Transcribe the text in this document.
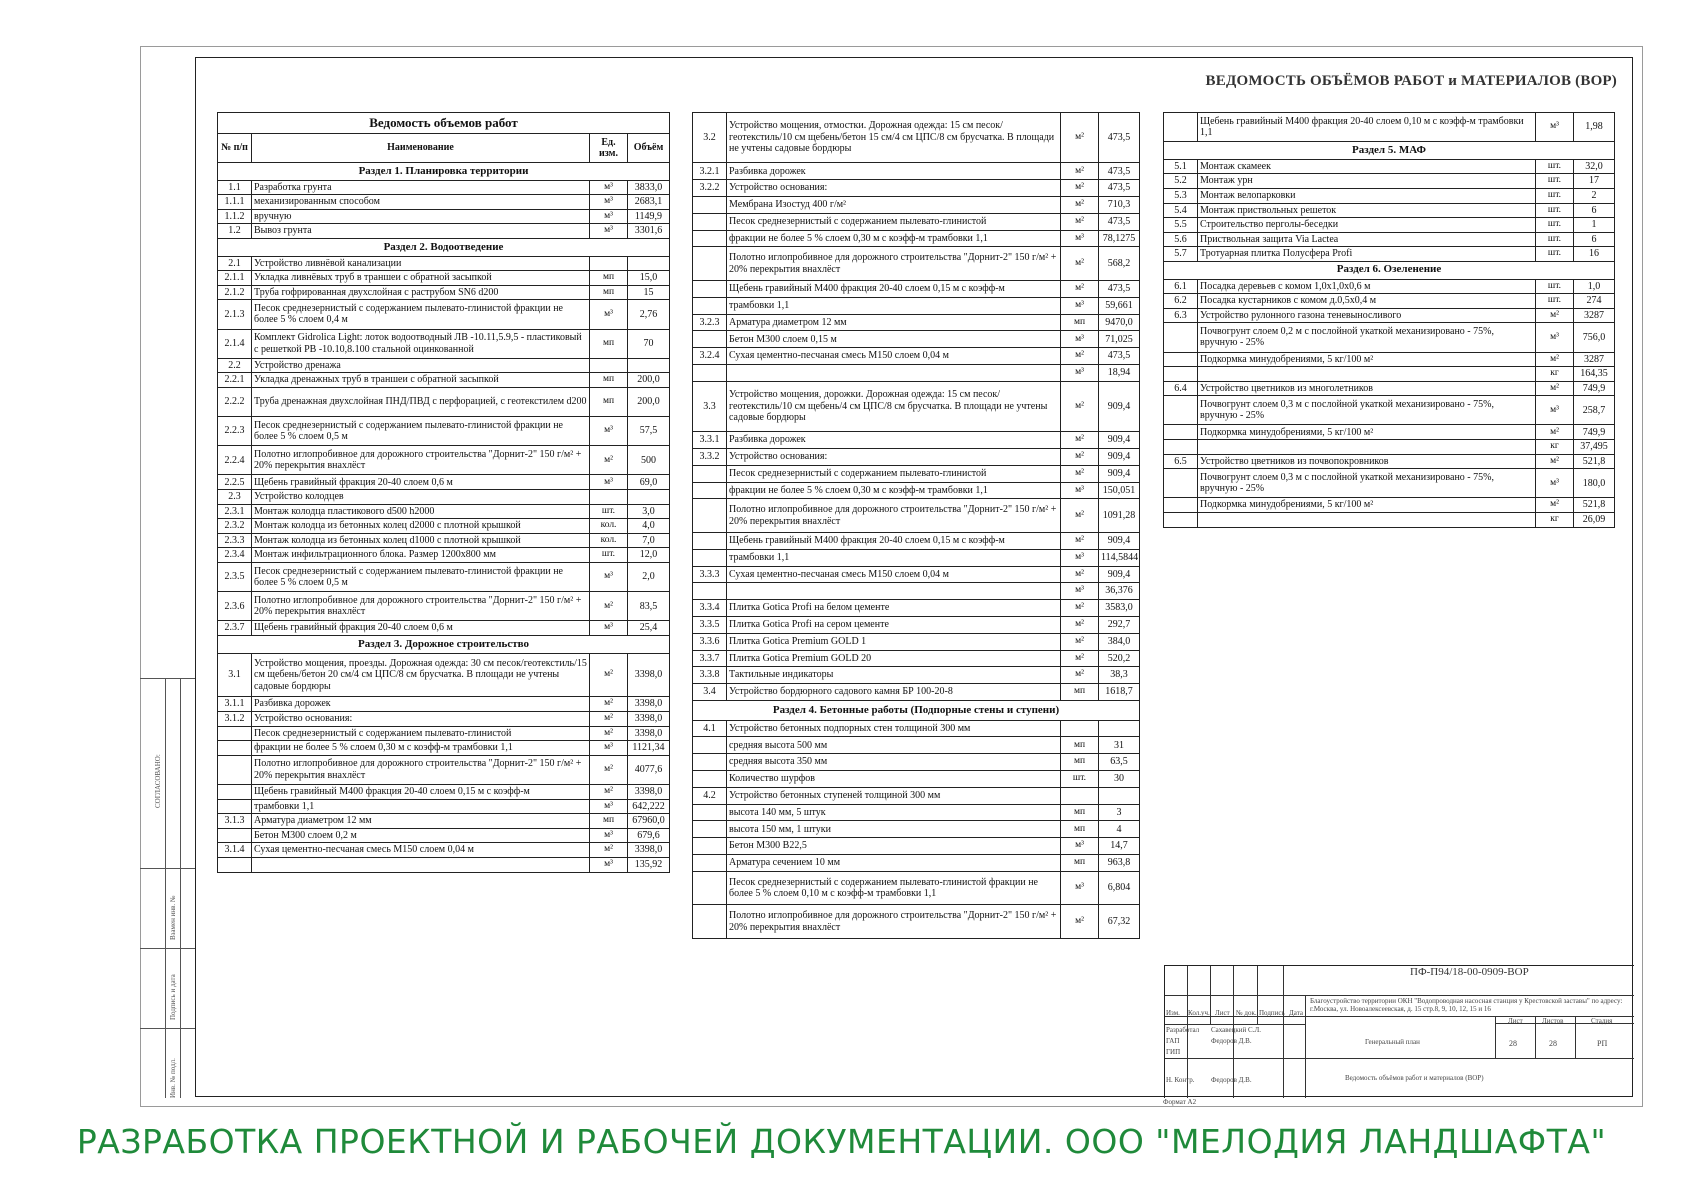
ВЕДОМОСТЬ ОБЪЁМОВ РАБОТ и МАТЕРИАЛОВ (ВОР)
Ведомость объемов работ			
№ п/п	Наименование	Ед. изм.	Объём
Раздел 1. Планировка территории			
1.1	Разработка грунта	м³	3833,0
1.1.1	механизированным способом	м³	2683,1
1.1.2	вручную	м³	1149,9
1.2	Вывоз грунта	м³	3301,6
Раздел 2. Водоотведение			
2.1	Устройство ливнёвой канализации		
2.1.1	Укладка ливнёвых труб в траншеи с обратной засыпкой	мп	15,0
2.1.2	Труба гофрированная двухслойная с раструбом SN6 d200	мп	15
2.1.3	Песок среднезернистый с содержанием пылевато-глинистой фракции не более 5 % слоем 0,4 м	м³	2,76
2.1.4	Комплект Gidrolica Light: лоток водоотводный ЛВ -10.11,5.9,5 - пластиковый с решеткой РВ -10.10,8.100 стальной оцинкованной	мп	70
2.2	Устройство дренажа		
2.2.1	Укладка дренажных труб в траншеи с обратной засыпкой	мп	200,0
2.2.2	Труба дренажная двухслойная ПНД/ПВД с перфорацией, с геотекстилем d200	мп	200,0
2.2.3	Песок среднезернистый с содержанием пылевато-глинистой фракции не более 5 % слоем 0,5 м	м³	57,5
2.2.4	Полотно иглопробивное для дорожного строительства "Дорнит-2" 150 г/м² + 20% перекрытия внахлёст	м²	500
2.2.5	Щебень гравийный фракция 20-40 слоем 0,6 м	м³	69,0
2.3	Устройство колодцев		
2.3.1	Монтаж колодца пластикового d500 h2000	шт.	3,0
2.3.2	Монтаж колодца из бетонных колец d2000 с плотной крышкой	кол.	4,0
2.3.3	Монтаж колодца из бетонных колец d1000 с плотной крышкой	кол.	7,0
2.3.4	Монтаж инфильтрационного блока. Размер 1200х800 мм	шт.	12,0
2.3.5	Песок среднезернистый с содержанием пылевато-глинистой фракции не более 5 % слоем 0,5 м	м³	2,0
2.3.6	Полотно иглопробивное для дорожного строительства "Дорнит-2" 150 г/м² + 20% перекрытия внахлёст	м²	83,5
2.3.7	Щебень гравийный фракция 20-40 слоем 0,6 м	м³	25,4
Раздел 3. Дорожное строительство			
3.1	Устройство мощения, проезды. Дорожная одежда: 30 см песок/геотекстиль/15 см щебень/бетон 20 см/4 см ЦПС/8 см брусчатка. В площади не учтены садовые бордюры	м²	3398,0
3.1.1	Разбивка дорожек	м²	3398,0
3.1.2	Устройство основания:	м²	3398,0
	Песок среднезернистый с содержанием пылевато-глинистой	м²	3398,0
	фракции не более 5 % слоем 0,30 м с коэфф-м трамбовки 1,1	м³	1121,34
	Полотно иглопробивное для дорожного строительства "Дорнит-2" 150 г/м² + 20% перекрытия внахлёст	м²	4077,6
	Щебень гравийный М400 фракция 20-40 слоем 0,15 м с коэфф-м	м²	3398,0
	трамбовки 1,1	м³	642,222
3.1.3	Арматура диаметром 12 мм	мп	67960,0
	Бетон М300 слоем 0,2 м	м³	679,6
3.1.4	Сухая цементно-песчаная смесь М150 слоем 0,04 м	м²	3398,0
		м³	135,92
3.2	Устройство мощения, отмостки. Дорожная одежда: 15 см песок/геотекстиль/10 см щебень/бетон 15 см/4 см ЦПС/8 см брусчатка. В площади не учтены садовые бордюры	м²	473,5
3.2.1	Разбивка дорожек	м²	473,5
3.2.2	Устройство основания:	м²	473,5
	Мембрана Изостуд 400 г/м²	м²	710,3
	Песок среднезернистый с содержанием пылевато-глинистой	м²	473,5
	фракции не более 5 % слоем 0,30 м с коэфф-м трамбовки 1,1	м³	78,1275
	Полотно иглопробивное для дорожного строительства "Дорнит-2" 150 г/м² + 20% перекрытия внахлёст	м²	568,2
	Щебень гравийный М400 фракция 20-40 слоем 0,15 м с коэфф-м	м²	473,5
	трамбовки 1,1	м³	59,661
3.2.3	Арматура диаметром 12 мм	мп	9470,0
	Бетон М300 слоем 0,15 м	м³	71,025
3.2.4	Сухая цементно-песчаная смесь М150 слоем 0,04 м	м²	473,5
		м³	18,94
3.3	Устройство мощения, дорожки. Дорожная одежда: 15 см песок/геотекстиль/10 см щебень/4 см ЦПС/8 см брусчатка. В площади не учтены садовые бордюры	м²	909,4
3.3.1	Разбивка дорожек	м²	909,4
3.3.2	Устройство основания:	м²	909,4
	Песок среднезернистый с содержанием пылевато-глинистой	м²	909,4
	фракции не более 5 % слоем 0,30 м с коэфф-м трамбовки 1,1	м³	150,051
	Полотно иглопробивное для дорожного строительства "Дорнит-2" 150 г/м² + 20% перекрытия внахлёст	м²	1091,28
	Щебень гравийный М400 фракция 20-40 слоем 0,15 м с коэфф-м	м²	909,4
	трамбовки 1,1	м³	114,5844
3.3.3	Сухая цементно-песчаная смесь М150 слоем 0,04 м	м²	909,4
		м³	36,376
3.3.4	Плитка Gotica Profi на белом цементе	м²	3583,0
3.3.5	Плитка Gotica Profi на сером цементе	м²	292,7
3.3.6	Плитка Gotica Premium GOLD 1	м²	384,0
3.3.7	Плитка Gotica Premium GOLD 20	м²	520,2
3.3.8	Тактильные индикаторы	м²	38,3
3.4	Устройство бордюрного садового камня БР 100-20-8	мп	1618,7
Раздел 4. Бетонные работы (Подпорные стены и ступени)			
4.1	Устройство бетонных подпорных стен толщиной 300 мм		
	средняя высота 500 мм	мп	31
	средняя высота 350 мм	мп	63,5
	Количество шурфов	шт.	30
4.2	Устройство бетонных ступеней толщиной 300 мм		
	высота 140 мм, 5 штук	мп	3
	высота 150 мм, 1 штуки	мп	4
	Бетон М300 В22,5	м³	14,7
	Арматура сечением 10 мм	мп	963,8
	Песок среднезернистый с содержанием пылевато-глинистой фракции не более 5 % слоем 0,10 м с коэфф-м трамбовки 1,1	м³	6,804
	Полотно иглопробивное для дорожного строительства "Дорнит-2" 150 г/м² + 20% перекрытия внахлёст	м²	67,32
	Щебень гравийный М400 фракция 20-40 слоем 0,10 м с коэфф-м трамбовки 1,1	м³	1,98
Раздел 5. МАФ			
5.1	Монтаж скамеек	шт.	32,0
5.2	Монтаж урн	шт.	17
5.3	Монтаж велопарковки	шт.	2
5.4	Монтаж приствольных решеток	шт.	6
5.5	Строительство перголы-беседки	шт.	1
5.6	Приствольная защита Via Lactea	шт.	6
5.7	Тротуарная плитка Полусфера Profi	шт.	16
Раздел 6. Озеленение			
6.1	Посадка деревьев с комом 1,0х1,0х0,6 м	шт.	1,0
6.2	Посадка кустарников с комом д.0,5х0,4 м	шт.	274
6.3	Устройство рулонного газона теневыносливого	м²	3287
	Почвогрунт слоем 0,2 м с послойной укаткой механизировано - 75%, вручную - 25%	м³	756,0
	Подкормка минудобрениями, 5 кг/100 м²	м²	3287
		кг	164,35
6.4	Устройство цветников из многолетников	м²	749,9
	Почвогрунт слоем 0,3 м с послойной укаткой механизировано - 75%, вручную - 25%	м³	258,7
	Подкормка минудобрениями, 5 кг/100 м²	м²	749,9
		кг	37,495
6.5	Устройство цветников из почвопокровников	м²	521,8
	Почвогрунт слоем 0,3 м с послойной укаткой механизировано - 75%, вручную - 25%	м³	180,0
	Подкормка минудобрениями, 5 кг/100 м²	м²	521,8
		кг	26,09
СОГЛАСОВАНО:
Взамен инв. №
Подпись и дата
Инв. № подл.
ПФ-П94/18-00-0909-ВОР
Изм. Кол.уч. Лист № док. Подпись Дата
Благоустройство территории ОКН "Водопроводная насосная станция у Крестовской заставы" по адресу: г.Москва, ул. Новоалексеевская, д. 15 стр.8, 9, 10, 12, 15 и 16
Разработал
ГАП
ГИП
Н. Контр.
Сахавецкий С.Л.
Федоров Д.В.
Федоров Д.В.
Генеральный план
Лист	Листов	Стадия
28	28	РП
Ведомость объёмов работ и материалов (ВОР)
Формат А2
РАЗРАБОТКА ПРОЕКТНОЙ И РАБОЧЕЙ ДОКУМЕНТАЦИИ. ООО "МЕЛОДИЯ ЛАНДШАФТА"
